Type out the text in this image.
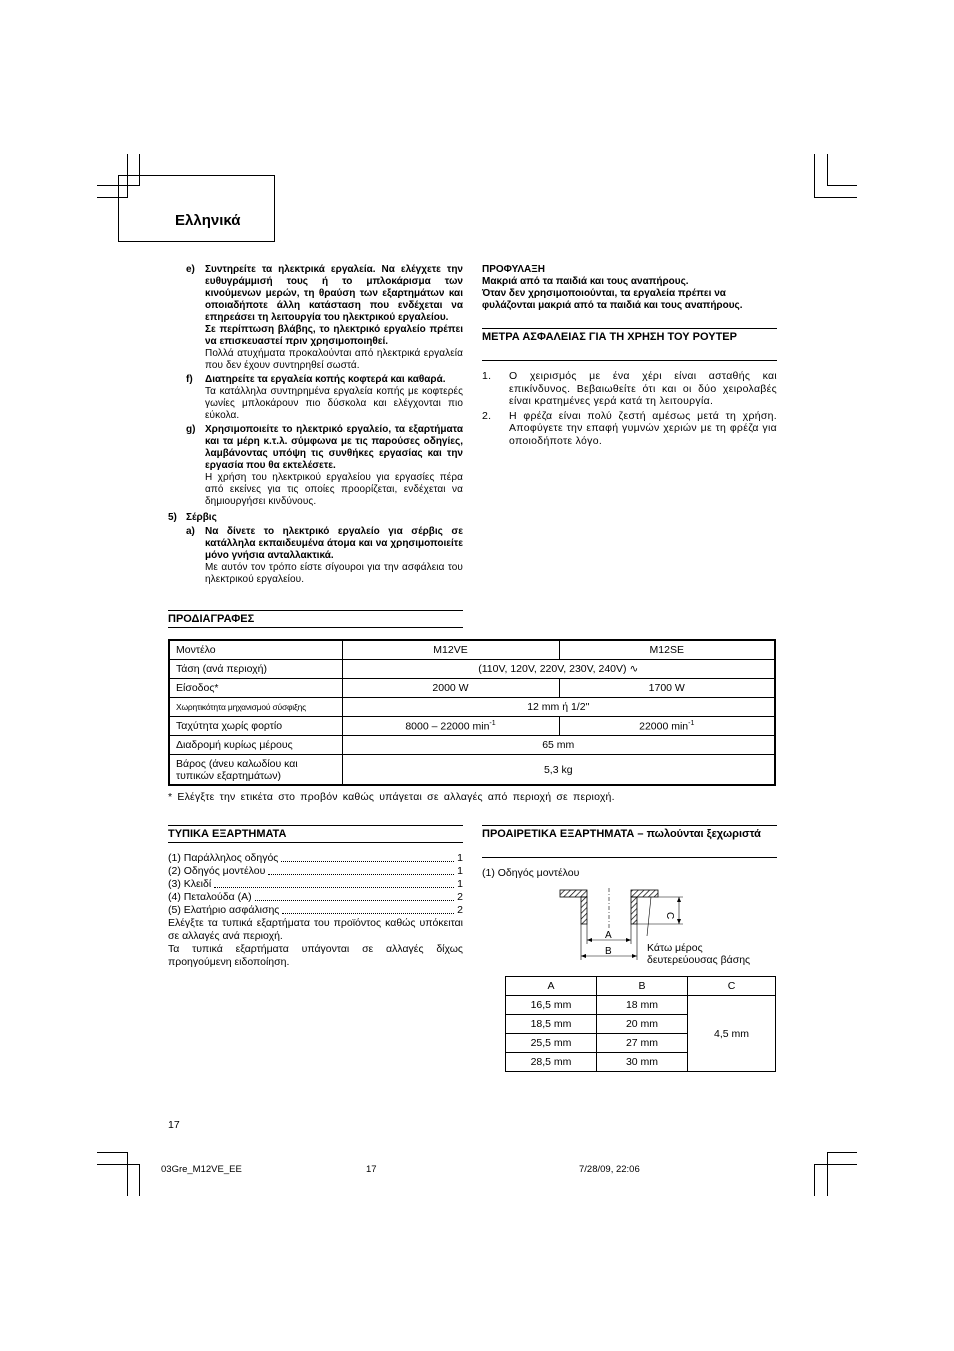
Ελληνικά
e) Συντηρείτε τα ηλεκτρικά εργαλεία. Να ελέγχετε την ευθυγράμμισή τους ή το μπλοκάρισμα των κινούμενων μερών, τη θραύση των εξαρτημάτων και οποιαδήποτε άλλη κατάσταση που ενδέχεται να επηρεάσει τη λειτουργία του ηλεκτρικού εργαλείου.
Σε περίπτωση βλάβης, το ηλεκτρικό εργαλείο πρέπει να επισκευαστεί πριν χρησιμοποιηθεί.
Πολλά ατυχήματα προκαλούνται από ηλεκτρικά εργαλεία που δεν έχουν συντηρηθεί σωστά.
f) Διατηρείτε τα εργαλεία κοπής κοφτερά και καθαρά.
Τα κατάλληλα συντηρημένα εργαλεία κοπής με κοφτερές γωνίες μπλοκάρουν πιο δύσκολα και ελέγχονται πιο εύκολα.
g) Χρησιμοποιείτε το ηλεκτρικό εργαλείο, τα εξαρτήματα και τα μέρη κ.τ.λ. σύμφωνα με τις παρούσες οδηγίες, λαμβάνοντας υπόψη τις συνθήκες εργασίας και την εργασία που θα εκτελέσετε.
Η χρήση του ηλεκτρικού εργαλείου για εργασίες πέρα από εκείνες για τις οποίες προορίζεται, ενδέχεται να δημιουργήσει κινδύνους.
5) Σέρβις
a) Να δίνετε το ηλεκτρικό εργαλείο για σέρβις σε κατάλληλα εκπαιδευμένα άτομα και να χρησιμοποιείτε μόνο γνήσια ανταλλακτικά.
Με αυτόν τον τρόπο είστε σίγουροι για την ασφάλεια του ηλεκτρικού εργαλείου.
ΠΡΟΦΥΛΑΞΗ
Μακριά από τα παιδιά και τους αναπήρους.
Όταν δεν χρησιμοποιούνται, τα εργαλεία πρέπει να φυλάζονται μακριά από τα παιδιά και τους αναπήρους.
ΜΕΤΡΑ ΑΣΦΑΛΕΙΑΣ ΓΙΑ ΤΗ ΧΡΗΣΗ ΤΟΥ ΡΟΥΤΕΡ
1. Ο χειρισμός με ένα χέρι είναι ασταθής και επικίνδυνος. Βεβαιωθείτε ότι και οι δύο χειρολαβές είναι κρατημένες γερά κατά τη λειτουργία.
2. Η φρέζα είναι πολύ ζεστή αμέσως μετά τη χρήση. Αποφύγετε την επαφή γυμνών χεριών με τη φρέζα για οποιοδήποτε λόγο.
ΠΡΟΔΙΑΓΡΑΦΕΣ
Μοντέλο	M12VE	M12SE
Τάση (ανά περιοχή)	(110V, 120V, 220V, 230V, 240V) ∿	
Είσοδος*	2000 W	1700 W
Χωρητικότητα μηχανισμού σύσφιξης	12 mm ή 1/2"	
Ταχύτητα χωρίς φορτίο	8000 – 22000 $\min^{-1}$	22000 $\min^{-1}$
Διαδρομή κυρίως μέρους	65 mm	
Βάρος (άνευ καλωδίου και τυπικών εξαρτημάτων)	5,3 kg	
* Ελέγξτε την ετικέτα στο προβόν καθώς υπάγεται σε αλλαγές από περιοχή σε περιοχή.
ΤΥΠΙΚΑ ΕΞΑΡΤΗΜΑΤΑ
(1) Παράλληλος οδηγός	1
(2) Οδηγός μοντέλου	1
(3) Κλειδί	1
(4) Πεταλούδα (A)	2
(5) Ελατήριο ασφάλισης	2
Ελέγξτε τα τυπικά εξαρτήματα του προϊόντος καθώς υπόκειται σε αλλαγές ανά περιοχή.
Τα τυπικά εξαρτήματα υπάγονται σε αλλαγές δίχως προηγούμενη ειδοποίηση.
ΠΡΟΑΙΡΕΤΙΚΑ ΕΞΑΡΤΗΜΑΤΑ – πωλούνται ξεχωριστά
(1) Οδηγός μοντέλου
C
A
B	Κάτω μέρος
δευτερεύουσας βάσης
A	B	C
16,5 mm	18 mm	4,5 mm
18,5 mm	20 mm	
25,5 mm	27 mm	
28,5 mm	30 mm	
17
03Gre_M12VE_EE	17	7/28/09, 22:06
